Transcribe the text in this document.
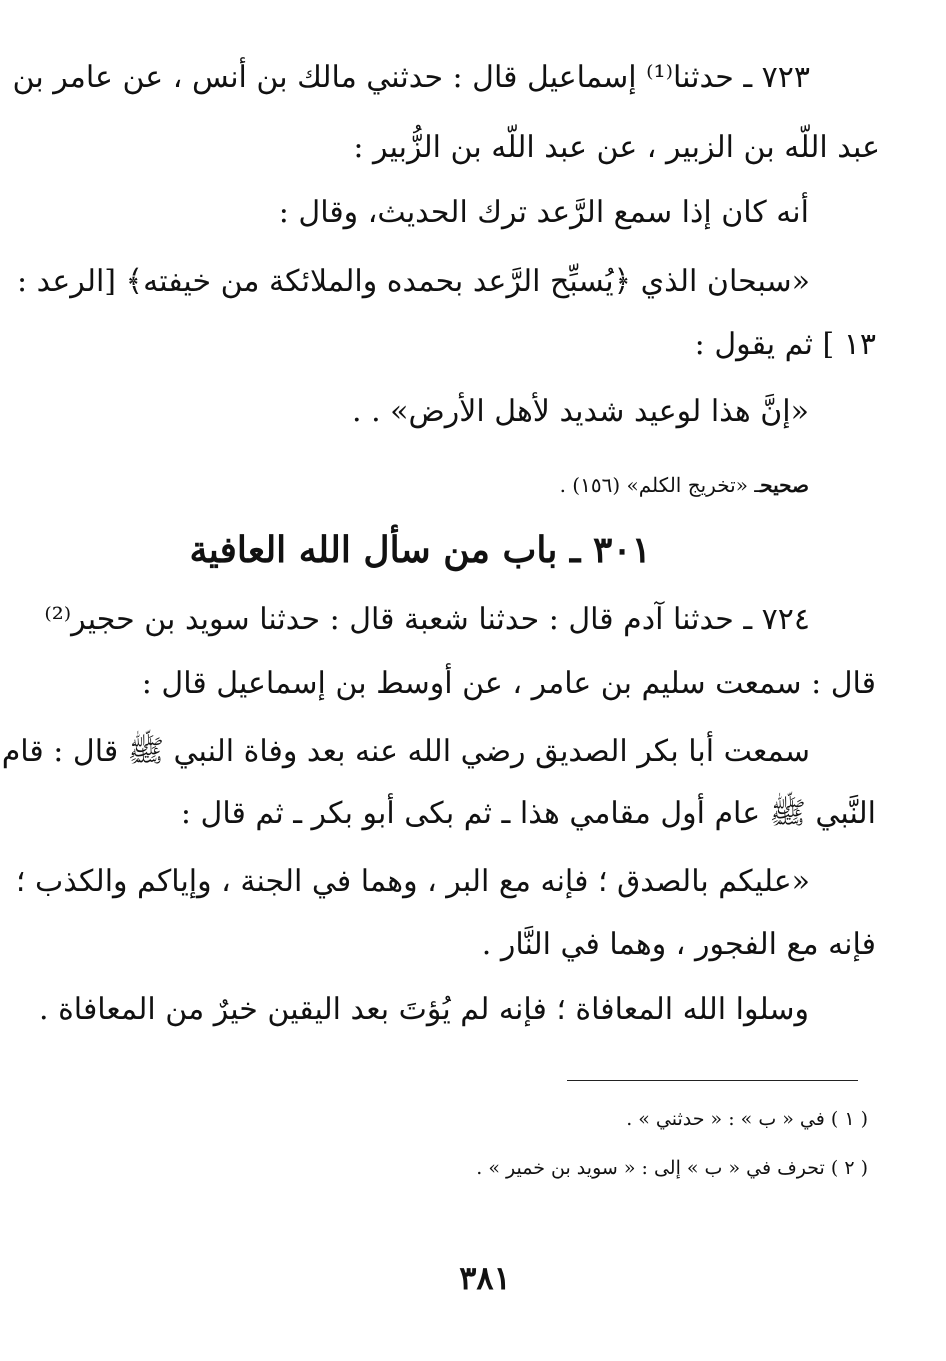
٧٢٣ ـ حدثنا⁽¹⁾ إسماعيل قال : حدثني مالك بن أنس ، عن عامر بن
عبد اللّه بن الزبير ، عن عبد اللّه بن الزُّبير :
أنه كان إذا سمع الرَّعد ترك الحديث، وقال :
«سبحان الذي ﴿يُسبِّح الرَّعد بحمده والملائكة من خيفته﴾ [الرعد :
١٣ ] ثم يقول :
«إنَّ هذا لوعيد شديد لأهل الأرض» . .
صحيحـ «تخريج الكلم» (١٥٦) .
٣٠١ ـ باب من سأل الله العافية
٧٢٤ ـ حدثنا آدم قال : حدثنا شعبة قال : حدثنا سويد بن حجير⁽²⁾
قال : سمعت سليم بن عامر ، عن أوسط بن إسماعيل قال :
سمعت أبا بكر الصديق رضي الله عنه بعد وفاة النبي ﷺ قال : قام
النَّبي ﷺ عام أول مقامي هذا ـ ثم بكى أبو بكر ـ ثم قال :
«عليكم بالصدق ؛ فإنه مع البر ، وهما في الجنة ، وإياكم والكذب ؛
فإنه مع الفجور ، وهما في النَّار .
وسلوا الله المعافاة ؛ فإنه لم يُؤتَ بعد اليقين خيرٌ من المعافاة .
( ١ ) في « ب » : « حدثني » .
( ٢ ) تحرف في « ب » إلى : « سويد بن خمير » .
٣٨١
